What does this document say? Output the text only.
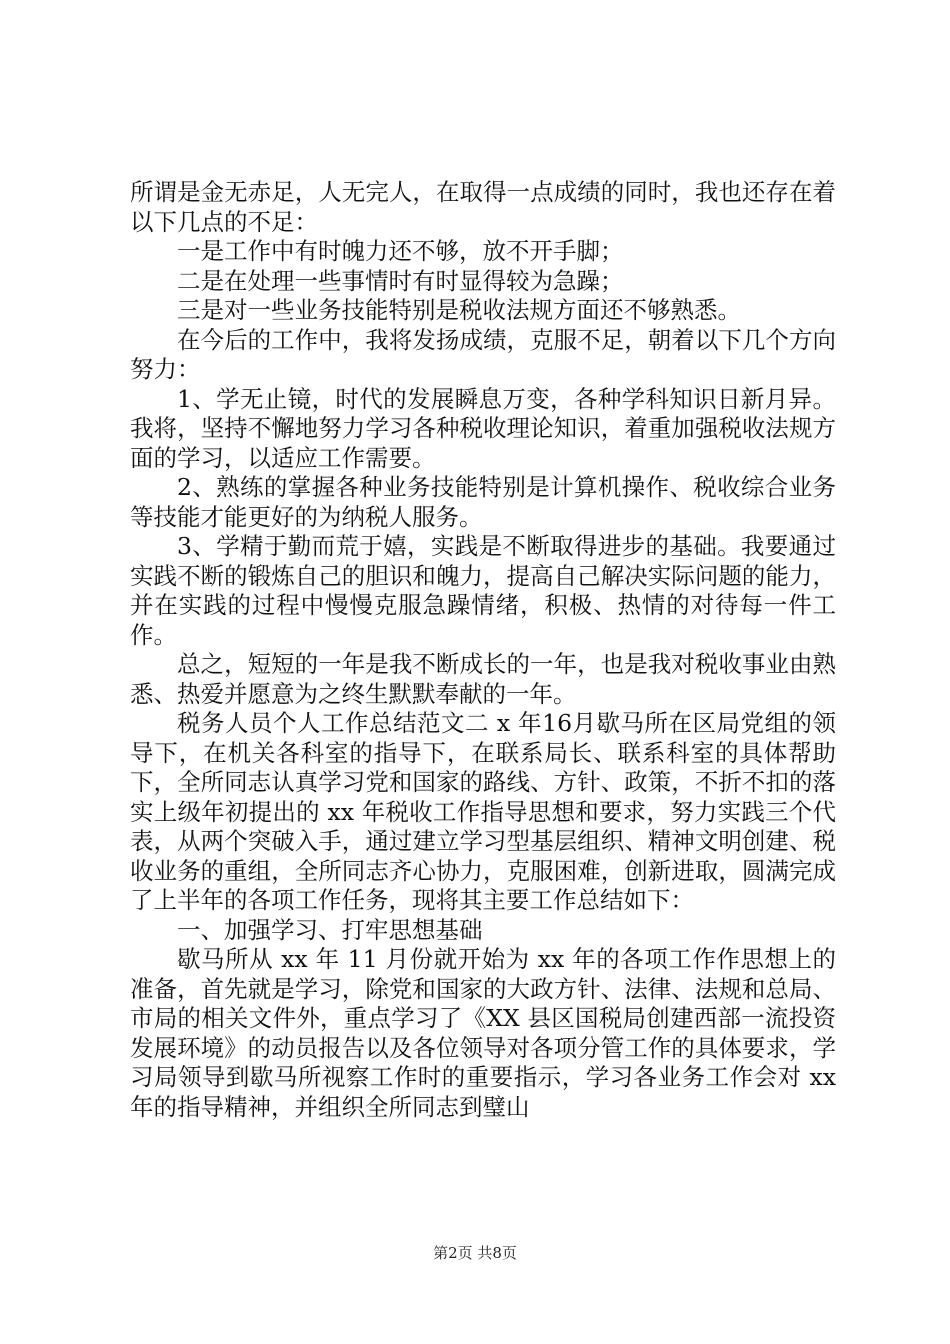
所谓是金无赤足，人无完人，在取得一点成绩的同时，我也还存在着以下几点的不足：

一是工作中有时魄力还不够，放不开手脚；

二是在处理一些事情时有时显得较为急躁；

三是对一些业务技能特别是税收法规方面还不够熟悉。

在今后的工作中，我将发扬成绩，克服不足，朝着以下几个方向努力：

1、学无止镜，时代的发展瞬息万变，各种学科知识日新月异。我将，坚持不懈地努力学习各种税收理论知识，着重加强税收法规方面的学习，以适应工作需要。

2、熟练的掌握各种业务技能特别是计算机操作、税收综合业务等技能才能更好的为纳税人服务。

3、学精于勤而荒于嬉，实践是不断取得进步的基础。我要通过实践不断的锻炼自己的胆识和魄力，提高自己解决实际问题的能力，并在实践的过程中慢慢克服急躁情绪，积极、热情的对待每一件工作。

总之，短短的一年是我不断成长的一年，也是我对税收事业由熟悉、热爱并愿意为之终生默默奉献的一年。

税务人员个人工作总结范文二 x 年16月歇马所在区局党组的领导下，在机关各科室的指导下，在联系局长、联系科室的具体帮助下，全所同志认真学习党和国家的路线、方针、政策，不折不扣的落实上级年初提出的 xx 年税收工作指导思想和要求，努力实践三个代表，从两个突破入手，通过建立学习型基层组织、精神文明创建、税收业务的重组，全所同志齐心协力，克服困难，创新进取，圆满完成了上半年的各项工作任务，现将其主要工作总结如下：

一、加强学习、打牢思想基础

歇马所从 xx 年 11 月份就开始为 xx 年的各项工作作思想上的准备，首先就是学习，除党和国家的大政方针、法律、法规和总局、市局的相关文件外，重点学习了《XX 县区国税局创建西部一流投资发展环境》的动员报告以及各位领导对各项分管工作的具体要求，学习局领导到歇马所视察工作时的重要指示，学习各业务工作会对 xx 年的指导精神，并组织全所同志到璧山

第2页 共8页
